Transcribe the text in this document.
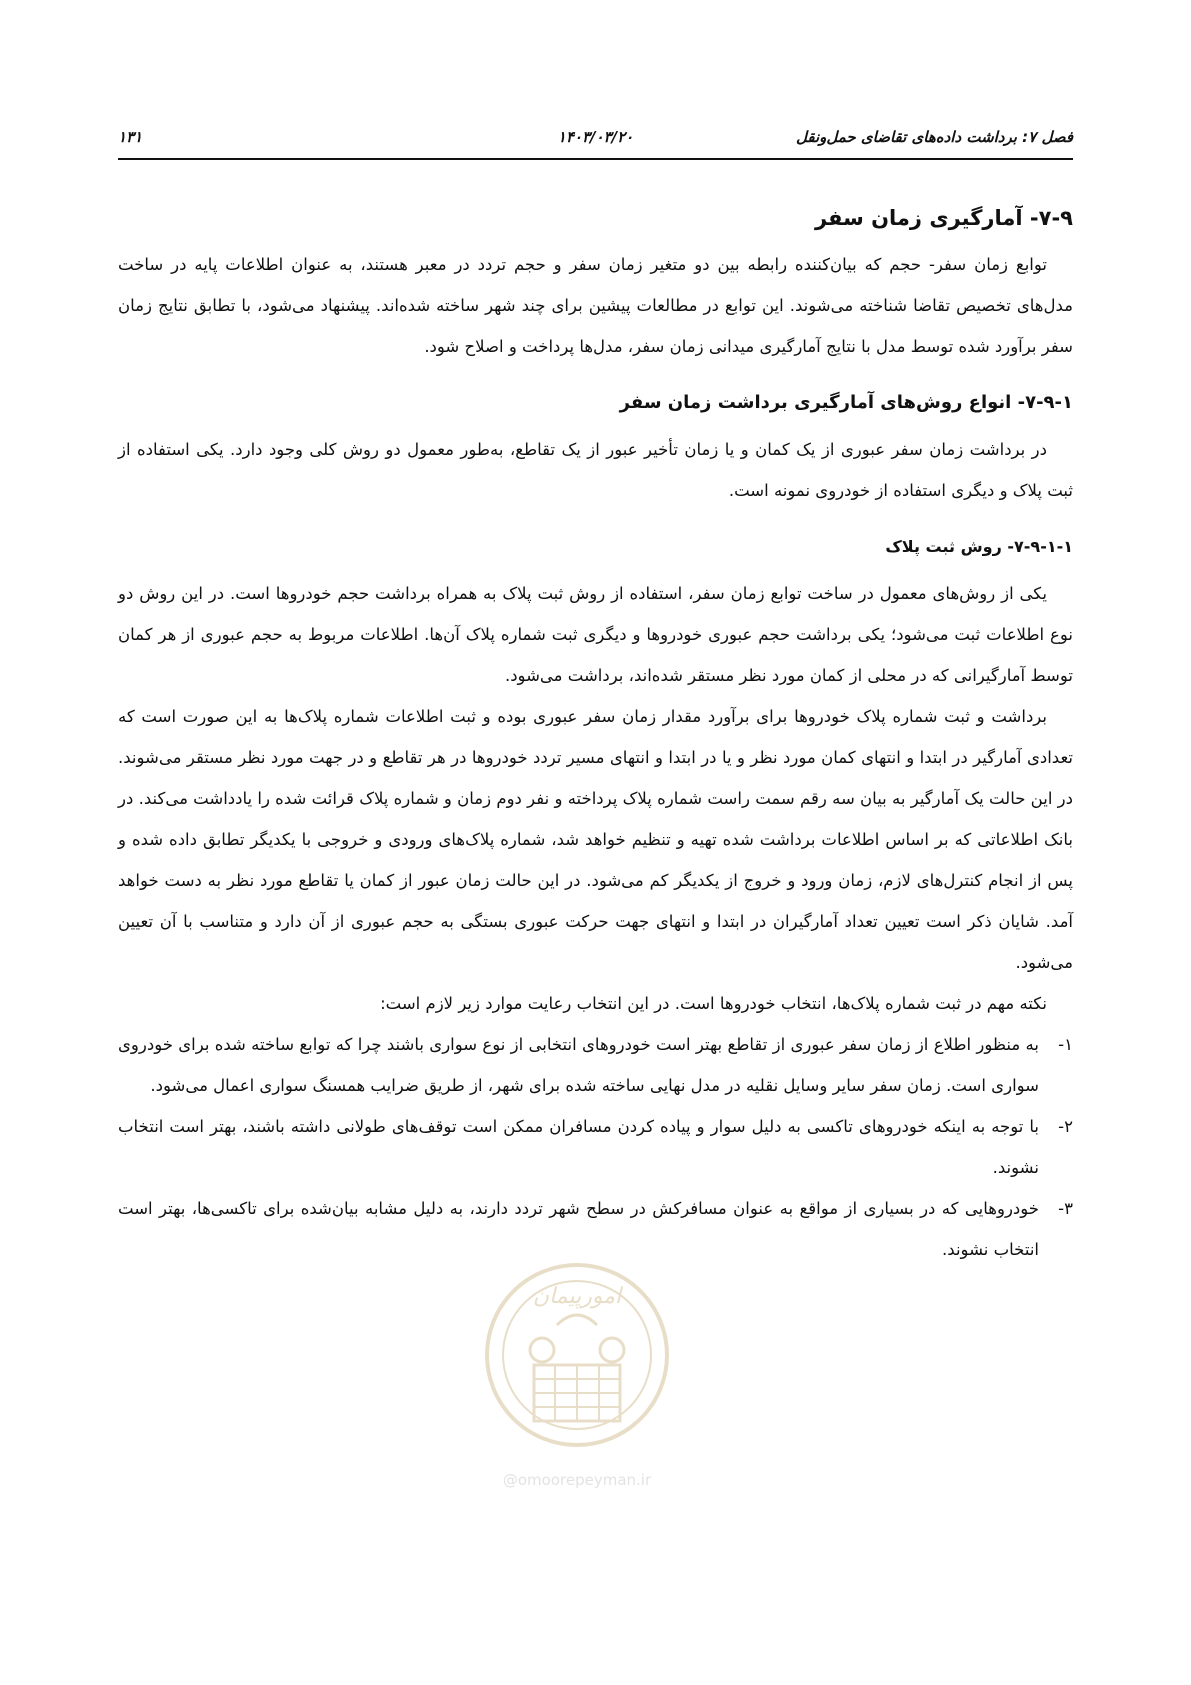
فصل ۷: برداشت داده‌های تقاضای حمل‌ونقل
۱۴۰۳/۰۳/۲۰
۱۳۱
۷-۹- آمارگیری زمان سفر

توابع زمان سفر- حجم که بیان‌کننده رابطه بین دو متغیر زمان سفر و حجم تردد در معبر هستند، به عنوان اطلاعات پایه در ساخت مدل‌های تخصیص تقاضا شناخته می‌شوند. این توابع در مطالعات پیشین برای چند شهر ساخته شده‌اند. پیشنهاد می‌شود، با تطابق نتایج زمان سفر برآورد شده توسط مدل با نتایج آمارگیری میدانی زمان سفر، مدل‌ها پرداخت و اصلاح شود.

۷-۹-۱- انواع روش‌های آمارگیری برداشت زمان سفر

در برداشت زمان سفر عبوری از یک کمان و یا زمان تأخیر عبور از یک تقاطع، به‌طور معمول دو روش کلی وجود دارد. یکی استفاده از ثبت پلاک و دیگری استفاده از خودروی نمونه است.

۷-۹-۱-۱- روش ثبت پلاک

یکی از روش‌های معمول در ساخت توابع زمان سفر، استفاده از روش ثبت پلاک به همراه برداشت حجم خودروها است. در این روش دو نوع اطلاعات ثبت می‌شود؛ یکی برداشت حجم عبوری خودروها و دیگری ثبت شماره پلاک آن‌ها. اطلاعات مربوط به حجم عبوری از هر کمان توسط آمارگیرانی که در محلی از کمان مورد نظر مستقر شده‌اند، برداشت می‌شود.

برداشت و ثبت شماره پلاک خودروها برای برآورد مقدار زمان سفر عبوری بوده و ثبت اطلاعات شماره پلاک‌ها به این صورت است که تعدادی آمارگیر در ابتدا و انتهای کمان مورد نظر و یا در ابتدا و انتهای مسیر تردد خودروها در هر تقاطع و در جهت مورد نظر مستقر می‌شوند. در این حالت یک آمارگیر به بیان سه رقم سمت راست شماره پلاک پرداخته و نفر دوم زمان و شماره پلاک قرائت شده را یادداشت می‌کند. در بانک اطلاعاتی که بر اساس اطلاعات برداشت شده تهیه و تنظیم خواهد شد، شماره پلاک‌های ورودی و خروجی با یکدیگر تطابق داده شده و پس از انجام کنترل‌های لازم، زمان ورود و خروج از یکدیگر کم می‌شود. در این حالت زمان عبور از کمان یا تقاطع مورد نظر به دست خواهد آمد. شایان ذکر است تعیین تعداد آمارگیران در ابتدا و انتهای جهت حرکت عبوری بستگی به حجم عبوری از آن دارد و متناسب با آن تعیین می‌شود.

نکته مهم در ثبت شماره پلاک‌ها، انتخاب خودروها است. در این انتخاب رعایت موارد زیر لازم است:

۱-
به منظور اطلاع از زمان سفر عبوری از تقاطع بهتر است خودروهای انتخابی از نوع سواری باشند چرا که توابع ساخته شده برای خودروی سواری است. زمان سفر سایر وسایل نقلیه در مدل نهایی ساخته شده برای شهر، از طریق ضرایب همسنگ سواری اعمال می‌شود.
۲-
با توجه به اینکه خودروهای تاکسی به دلیل سوار و پیاده کردن مسافران ممکن است توقف‌های طولانی داشته باشند، بهتر است انتخاب نشوند.
۳-
خودروهایی که در بسیاری از مواقع به عنوان مسافرکش در سطح شهر تردد دارند، به دلیل مشابه بیان‌شده برای تاکسی‌ها، بهتر است انتخاب نشوند.
امورپیمان
@omoorepeyman.ir
